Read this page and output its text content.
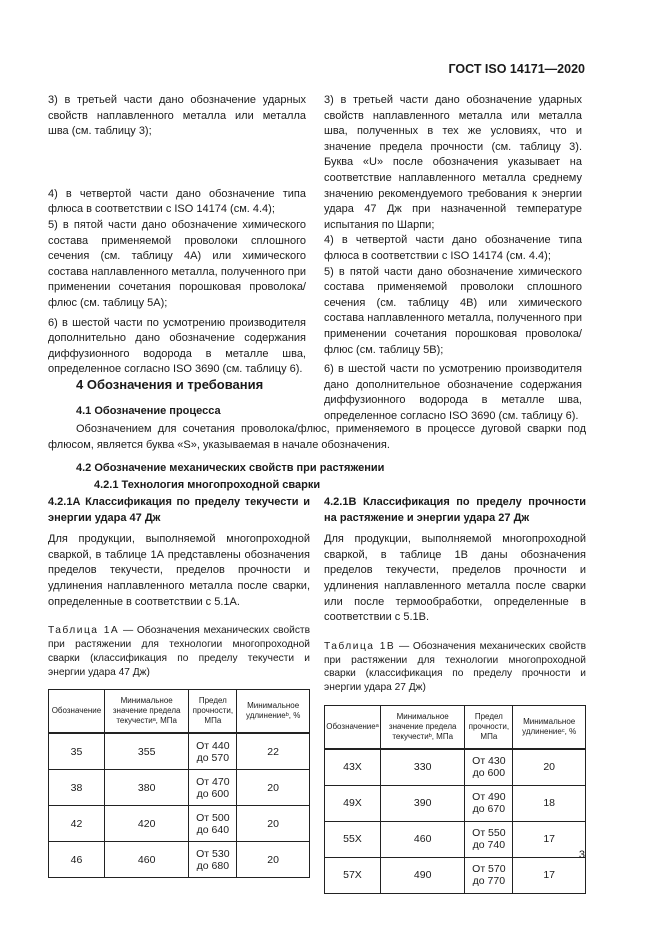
ГОСТ ISO 14171—2020

3) в третьей части дано обозначение ударных свойств наплавленного металла или металла шва (см. таблицу 3);

4) в четвертой части дано обозначение типа флюса в соответствии с ISO 14174 (см. 4.4);

5) в пятой части дано обозначение химического состава применяемой проволоки сплошного сечения (см. таблицу 4А) или химического состава наплавленного металла, полученного при применении сочетания порошковая проволока/флюс (см. таблицу 5А);

6) в шестой части по усмотрению производителя дополнительно дано обозначение содержания диффузионного водорода в металле шва, определенное согласно ISO 3690 (см. таблицу 6).

3) в третьей части дано обозначение ударных свойств наплавленного металла или металла шва, полученных в тех же условиях, что и значение предела прочности (см. таблицу 3). Буква «U» после обозначения указывает на соответствие наплавленного металла среднему значению рекомендуемого требования к энергии удара 47 Дж при назначенной температуре испытания по Шарпи;

4) в четвертой части дано обозначение типа флюса в соответствии с ISO 14174 (см. 4.4);

5) в пятой части дано обозначение химического состава применяемой проволоки сплошного сечения (см. таблицу 4В) или химического состава наплавленного металла, полученного при применении сочетания порошковая проволока/флюс (см. таблицу 5В);

6) в шестой части по усмотрению производителя дано дополнительное обозначение содержания диффузионного водорода в металле шва, определенное согласно ISO 3690 (см. таблицу 6).

4 Обозначения и требования
4.1 Обозначение процесса

Обозначением для сочетания проволока/флюс, применяемого в процессе дуговой сварки под флюсом, является буква «S», указываемая в начале обозначения.

4.2 Обозначение механических свойств при растяжении
4.2.1 Технология многопроходной сварки

4.2.1А Классификация по пределу текучести и энергии удара 47 Дж

Для продукции, выполняемой многопроходной сваркой, в таблице 1А представлены обозначения пределов текучести, пределов прочности и удлинения наплавленного металла после сварки, определенные в соответствии с 5.1А.

Таблица 1А — Обозначения механических свойств при растяжении для технологии многопроходной сварки (классификация по пределу текучести и энергии удара 47 Дж)

Обозначение	Минимальное значение предела текучестиᵃ, МПа	Предел прочности, МПа	Минимальное удлинениеᵇ, %
35	355	От 440 до 570	22
38	380	От 470 до 600	20
42	420	От 500 до 640	20
46	460	От 530 до 680	20

4.2.1В Классификация по пределу прочности на растяжение и энергии удара 27 Дж

Для продукции, выполняемой многопроходной сваркой, в таблице 1В даны обозначения пределов текучести, пределов прочности и удлинения наплавленного металла после сварки или после термообработки, определенные в соответствии с 5.1В.

Таблица 1В — Обозначения механических свойств при растяжении для технологии многопроходной сварки (классификация по пределу прочности и энергии удара 27 Дж)

Обозначениеᵃ	Минимальное значение предела текучестиᵇ, МПа	Предел прочности, МПа	Минимальное удлинениеᶜ, %
43X	330	От 430 до 600	20
49X	390	От 490 до 670	18
55X	460	От 550 до 740	17
57X	490	От 570 до 770	17
3
